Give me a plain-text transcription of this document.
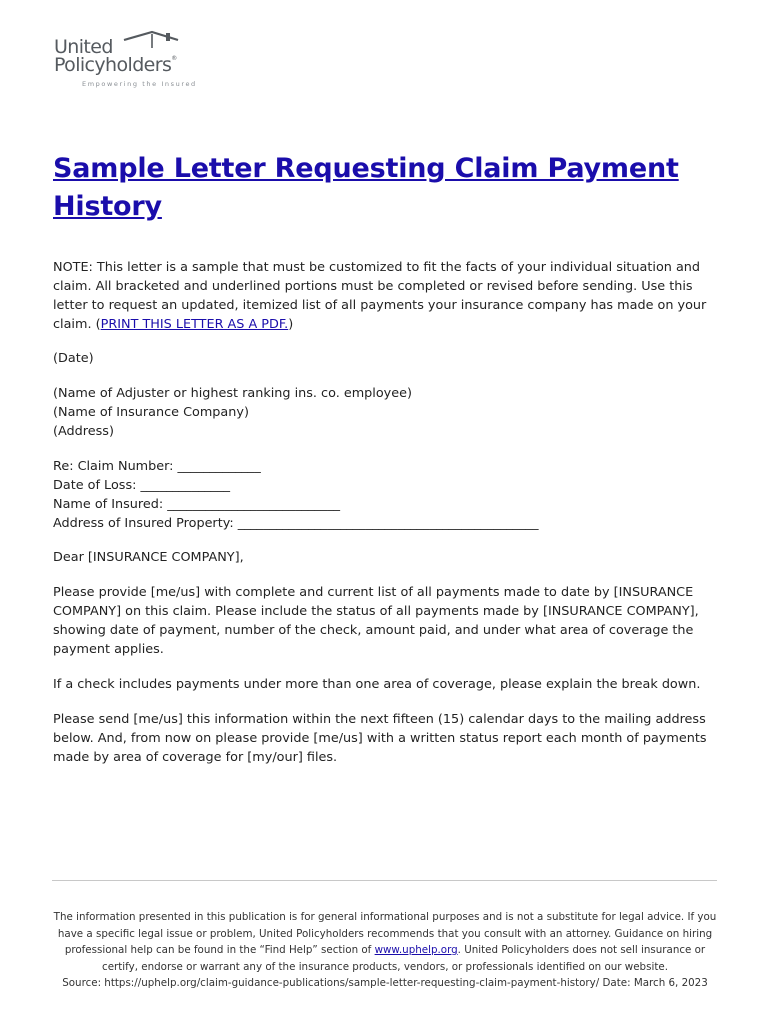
United
Policyholders®
Empowering the Insured
Sample Letter Requesting Claim Payment History

NOTE: This letter is a sample that must be customized to fit the facts of your individual situation and claim. All bracketed and underlined portions must be completed or revised before sending. Use this letter to request an updated, itemized list of all payments your insurance company has made on your claim. (PRINT THIS LETTER AS A PDF.)

(Date)

(Name of Adjuster or highest ranking ins. co. employee)
(Name of Insurance Company)
(Address)
Re: Claim Number: _____________
Date of Loss: ______________
Name of Insured: ___________________________
Address of Insured Property: _______________________________________________

Dear [INSURANCE COMPANY],

Please provide [me/us] with complete and current list of all payments made to date by [INSURANCE COMPANY] on this claim. Please include the status of all payments made by [INSURANCE COMPANY], showing date of payment, number of the check, amount paid, and under what area of coverage the payment applies.

If a check includes payments under more than one area of coverage, please explain the break down.

Please send [me/us] this information within the next fifteen (15) calendar days to the mailing address below. And, from now on please provide [me/us] with a written status report each month of payments made by area of coverage for [my/our] files.

The information presented in this publication is for general informational purposes and is not a substitute for legal advice. If you have a specific legal issue or problem, United Policyholders recommends that you consult with an attorney. Guidance on hiring professional help can be found in the “Find Help” section of www.uphelp.org. United Policyholders does not sell insurance or certify, endorse or warrant any of the insurance products, vendors, or professionals identified on our website.

Source: https://uphelp.org/claim-guidance-publications/sample-letter-requesting-claim-payment-history/ Date: March 6, 2023
